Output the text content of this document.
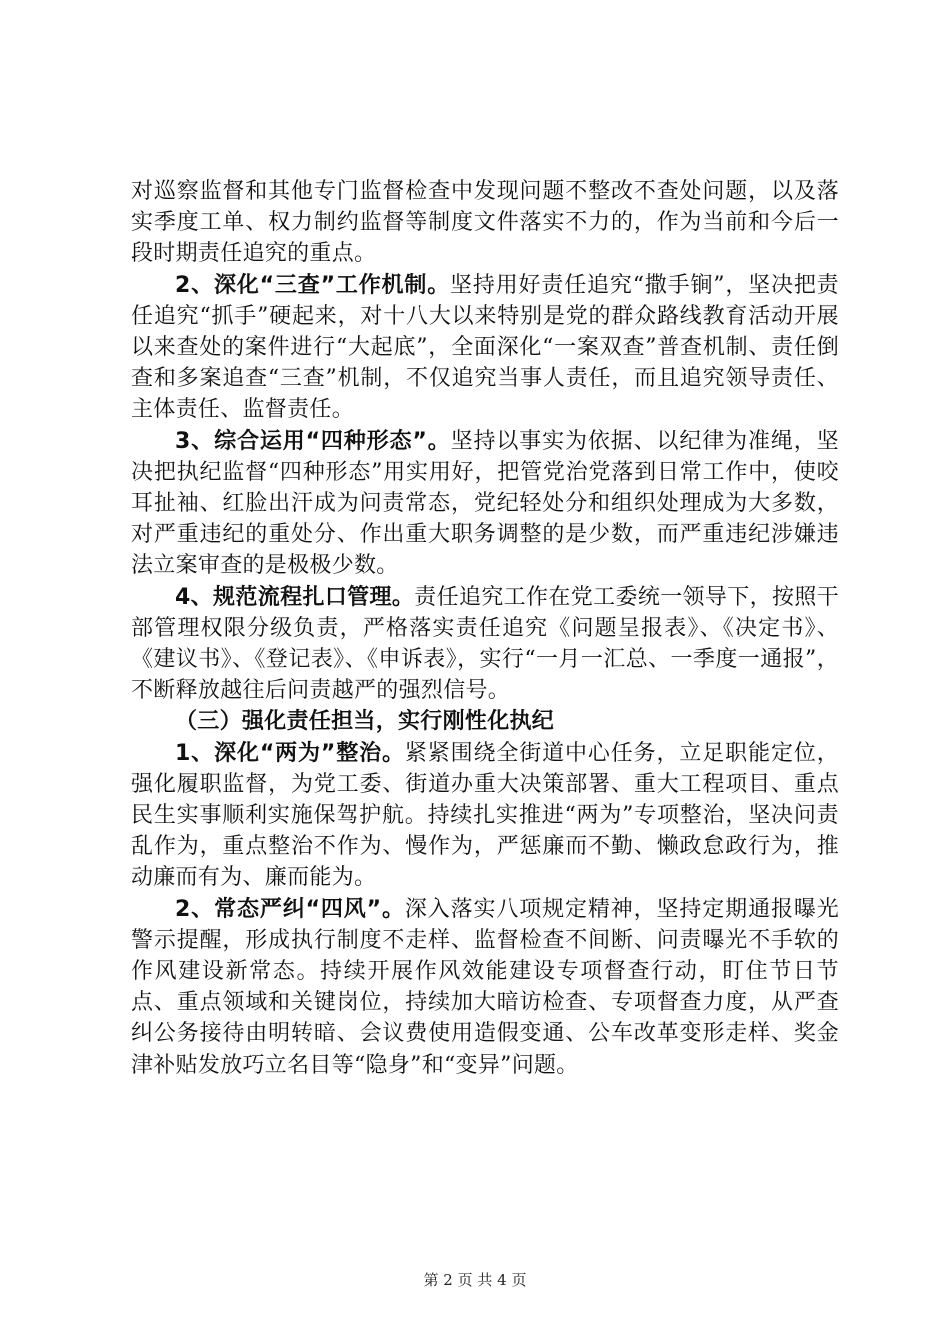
对巡察监督和其他专门监督检查中发现问题不整改不查处问题，以及落实季度工单、权力制约监督等制度文件落实不力的，作为当前和今后一段时期责任追究的重点。

2、深化“三查”工作机制。坚持用好责任追究“撒手锏”，坚决把责任追究“抓手”硬起来，对十八大以来特别是党的群众路线教育活动开展以来查处的案件进行“大起底”，全面深化“一案双查”普查机制、责任倒查和多案追查“三查”机制，不仅追究当事人责任，而且追究领导责任、主体责任、监督责任。

3、综合运用“四种形态”。坚持以事实为依据、以纪律为准绳，坚决把执纪监督“四种形态”用实用好，把管党治党落到日常工作中，使咬耳扯袖、红脸出汗成为问责常态，党纪轻处分和组织处理成为大多数，对严重违纪的重处分、作出重大职务调整的是少数，而严重违纪涉嫌违法立案审查的是极极少数。

4、规范流程扎口管理。责任追究工作在党工委统一领导下，按照干部管理权限分级负责，严格落实责任追究《问题呈报表》、《决定书》、《建议书》、《登记表》、《申诉表》，实行“一月一汇总、一季度一通报”，不断释放越往后问责越严的强烈信号。

（三）强化责任担当，实行刚性化执纪

1、深化“两为”整治。紧紧围绕全街道中心任务，立足职能定位，强化履职监督，为党工委、街道办重大决策部署、重大工程项目、重点民生实事顺利实施保驾护航。持续扎实推进“两为”专项整治，坚决问责乱作为，重点整治不作为、慢作为，严惩廉而不勤、懒政怠政行为，推动廉而有为、廉而能为。

2、常态严纠“四风”。深入落实八项规定精神，坚持定期通报曝光警示提醒，形成执行制度不走样、监督检查不间断、问责曝光不手软的作风建设新常态。持续开展作风效能建设专项督查行动，盯住节日节点、重点领域和关键岗位，持续加大暗访检查、专项督查力度，从严查纠公务接待由明转暗、会议费使用造假变通、公车改革变形走样、奖金津补贴发放巧立名目等“隐身”和“变异”问题。

第 2 页 共 4 页
